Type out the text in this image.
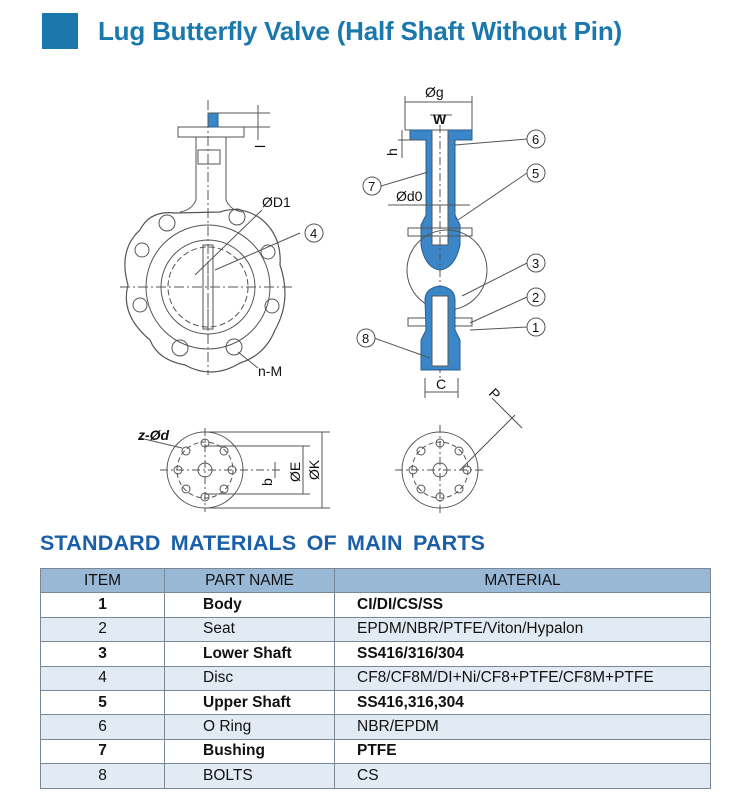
Lug Butterfly Valve (Half Shaft Without Pin)
l
ØD1
4
n-M
Øg
W
h
Ød0
C
6
5
3
2
1
7
8
z-Ød
b
ØE ØK
P
STANDARD MATERIALS OF MAIN PARTS
ITEM	PART NAME	MATERIAL
1	Body	CI/DI/CS/SS
2	Seat	EPDM/NBR/PTFE/Viton/Hypalon
3	Lower Shaft	SS416/316/304
4	Disc	CF8/CF8M/DI+Ni/CF8+PTFE/CF8M+PTFE
5	Upper Shaft	SS416,316,304
6	O Ring	NBR/EPDM
7	Bushing	PTFE
8	BOLTS	CS
